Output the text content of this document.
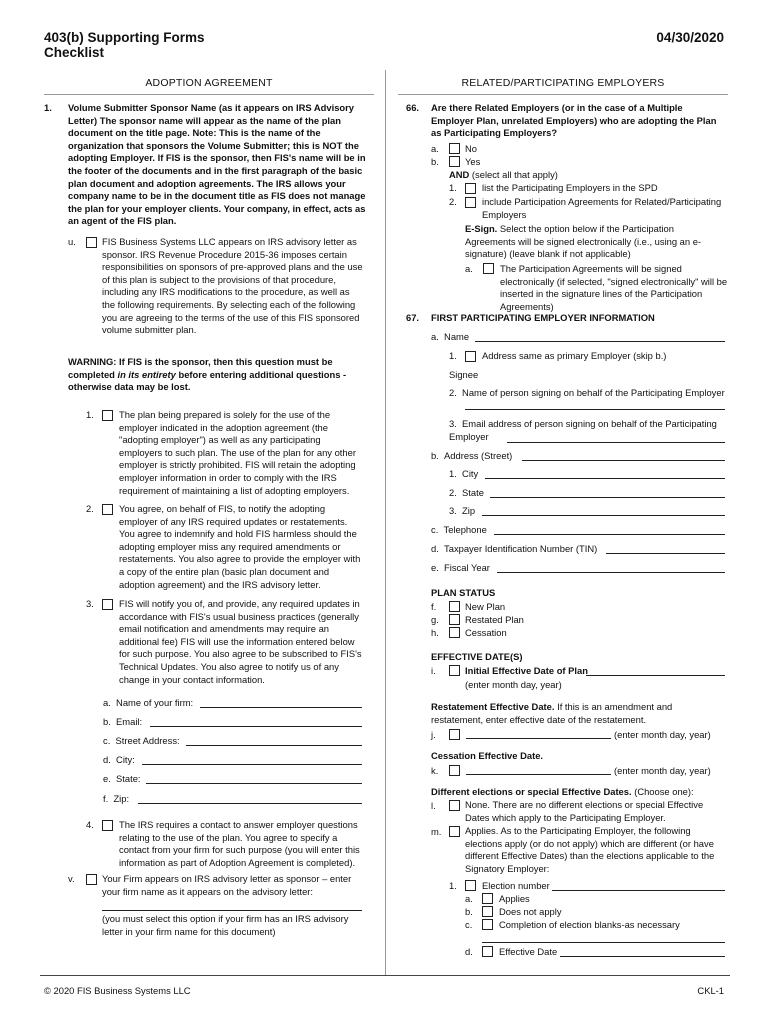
403(b) Supporting Forms
Checklist
04/30/2020
ADOPTION AGREEMENT
1. Volume Submitter Sponsor Name (as it appears on IRS Advisory Letter) The sponsor name will appear as the name of the plan document on the title page. Note: This is the name of the organization that sponsors the Volume Submitter; this is NOT the adopting Employer. If FIS is the sponsor, then FIS's name will be in the footer of the documents and in the first paragraph of the basic plan document and adoption agreements. The IRS allows your company name to be in the document title as FIS does not manage the plan for your employer clients. Your company, in effect, acts as an agent of the FIS plan.
u.	FIS Business Systems LLC appears on IRS advisory letter as sponsor. IRS Revenue Procedure 2015-36 imposes certain responsibilities on sponsors of pre-approved plans and the use of this plan is subject to the provisions of that procedure, including any IRS modifications to the procedure, as well as the following requirements. By selecting each of the following you are agreeing to the terms of the use of this FIS sponsored volume submitter plan.
WARNING: If FIS is the sponsor, then this question must be completed in its entirety before entering additional questions - otherwise data may be lost.
1.	The plan being prepared is solely for the use of the employer indicated in the adoption agreement (the "adopting employer") as well as any participating employers to such plan. The use of the plan for any other employer is strictly prohibited. FIS will retain the adopting employer information in order to comply with the IRS requirement of maintaining a list of adopting employers.
2.	You agree, on behalf of FIS, to notify the adopting employer of any IRS required updates or restatements. You agree to indemnify and hold FIS harmless should the adopting employer miss any required amendments or restatements. You also agree to provide the employer with a copy of the entire plan (basic plan document and adoption agreement) and the IRS advisory letter.
3.	FIS will notify you of, and provide, any required updates in accordance with FIS's usual business practices (generally email notification and amendments may require an additional fee) FIS will use the information entered below for such purpose. You also agree to be subscribed to FIS's Technical Updates. You also agree to notify us of any change in your contact information.
a. Name of your firm:
b. Email:
c. Street Address:
d. City:
e. State:
f. Zip:
4.	The IRS requires a contact to answer employer questions relating to the use of the plan. You agree to specify a contact from your firm for such purpose (you will enter this information as part of Adoption Agreement is completed).
v.	Your Firm appears on IRS advisory letter as sponsor – enter your firm name as it appears on the advisory letter:
(you must select this option if your firm has an IRS advisory letter in your firm name for this document)
RELATED/PARTICIPATING EMPLOYERS
66. Are there Related Employers (or in the case of a Multiple Employer Plan, unrelated Employers) who are adopting the Plan as Participating Employers?
a.	No
b.	Yes
AND (select all that apply)
1.	list the Participating Employers in the SPD
2.	include Participation Agreements for Related/Participating Employers
E-Sign. Select the option below if the Participation Agreements will be signed electronically (i.e., using an e-signature) (leave blank if not applicable)
a.	The Participation Agreements will be signed electronically (if selected, "signed electronically" will be inserted in the signature lines of the Participation Agreements)
67. FIRST PARTICIPATING EMPLOYER INFORMATION
a. Name
1.	Address same as primary Employer (skip b.)
Signee
2. Name of person signing on behalf of the Participating Employer
3. Email address of person signing on behalf of the Participating Employer
b. Address (Street)
1. City
2. State
3. Zip
c. Telephone
d. Taxpayer Identification Number (TIN)
e. Fiscal Year
PLAN STATUS
f.	New Plan
g.	Restated Plan
h.	Cessation
EFFECTIVE DATE(S)
i.	Initial Effective Date of Plan
(enter month day, year)
Restatement Effective Date. If this is an amendment and restatement, enter effective date of the restatement.
j.	(enter month day, year)
Cessation Effective Date.
k.	(enter month day, year)
Different elections or special Effective Dates. (Choose one):
l.	None. There are no different elections or special Effective Dates which apply to the Participating Employer.
m.	Applies. As to the Participating Employer, the following elections apply (or do not apply) which are different (or have different Effective Dates) than the elections applicable to the Signatory Employer:
1.	Election number
a.	Applies
b.	Does not apply
c.	Completion of election blanks-as necessary
d.	Effective Date
© 2020 FIS Business Systems LLC	CKL-1
